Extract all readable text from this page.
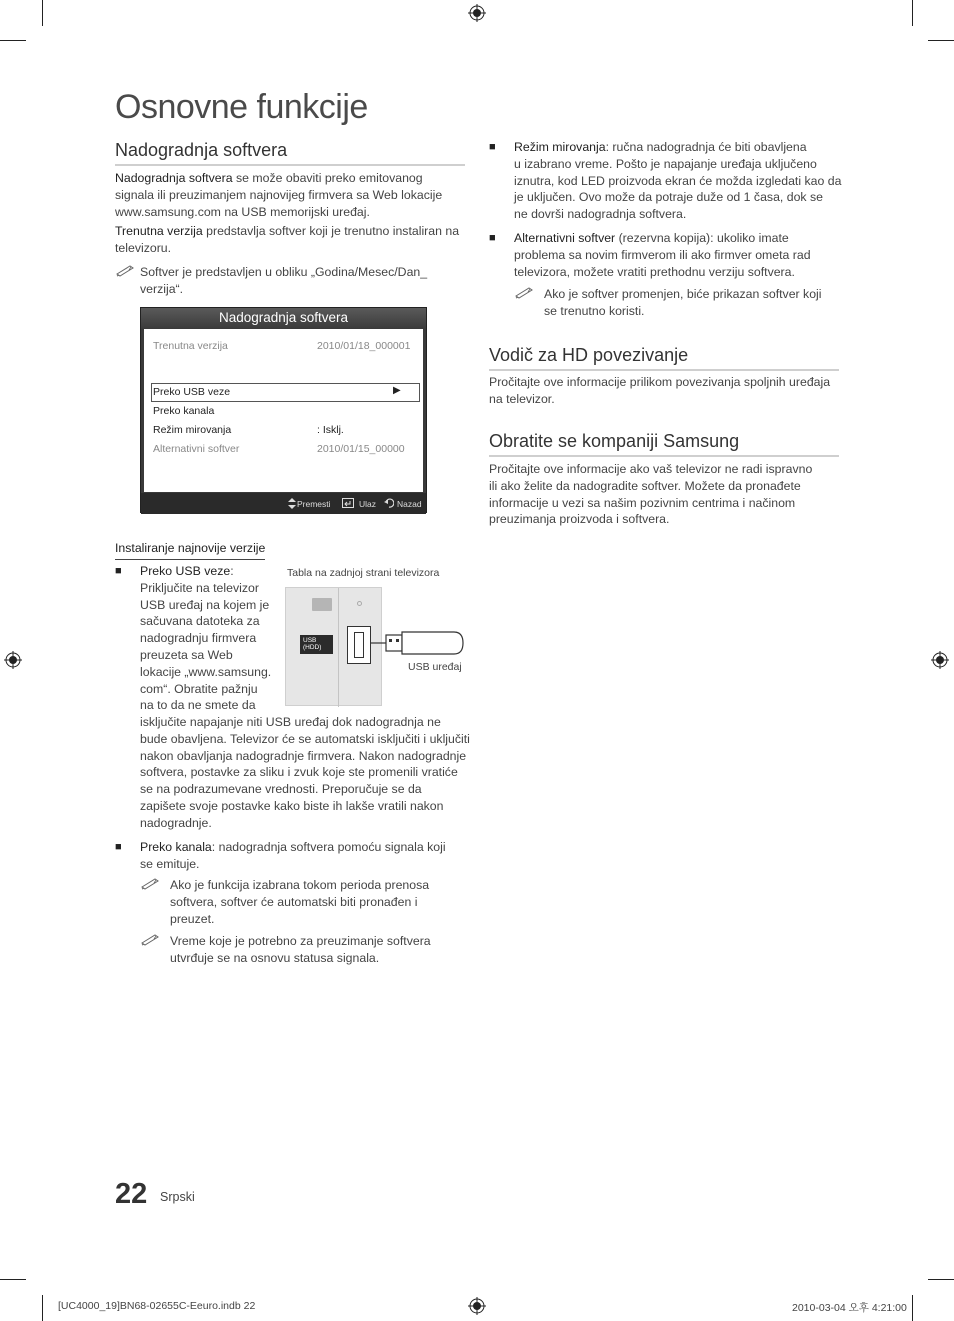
Osnovne funkcije
Nadogradnja softvera
Nadogradnja softvera se može obaviti preko emitovanog
signala ili preuzimanjem najnovijeg firmvera sa Web lokacije
www.samsung.com na USB memorijski uređaj.
Trenutna verzija predstavlja softver koji je trenutno instaliran na
televizoru.
Softver je predstavljen u obliku „Godina/Mesec/Dan_
verzija“.
Nadogradnja softvera
Trenutna verzija	2010/01/18_000001
Preko USB veze	▶
Preko kanala
Režim mirovanja	: Isklj.
Alternativni softver	2010/01/15_00000
Premesti	Ulaz Nazad
Instaliranje najnovije verzije
■ Preko USB veze:
Priključite na televizor
USB uređaj na kojem je
sačuvana datoteka za
nadogradnju firmvera
preuzeta sa Web
lokacije „www.samsung.
com“. Obratite pažnju
na to da ne smete da
isključite napajanje niti USB uređaj dok nadogradnja ne
bude obavljena. Televizor će se automatski isključiti i uključiti
nakon obavljanja nadogradnje firmvera. Nakon nadogradnje
softvera, postavke za sliku i zvuk koje ste promenili vratiće
se na podrazumevane vrednosti. Preporučuje se da
zapišete svoje postavke kako biste ih lakše vratili nakon
nadogradnje.
Tabla na zadnjoj strani televizora
USB
(HDD)
USB uređaj
■ Preko kanala: nadogradnja softvera pomoću signala koji
se emituje.
Ako je funkcija izabrana tokom perioda prenosa
softvera, softver će automatski biti pronađen i
preuzet.
Vreme koje je potrebno za preuzimanje softvera
utvrđuje se na osnovu statusa signala.
■ Režim mirovanja: ručna nadogradnja će biti obavljena
u izabrano vreme. Pošto je napajanje uređaja uključeno
iznutra, kod LED proizvoda ekran će možda izgledati kao da
je uključen. Ovo može da potraje duže od 1 časa, dok se
ne dovrši nadogradnja softvera.
■ Alternativni softver (rezervna kopija): ukoliko imate
problema sa novim firmverom ili ako firmver ometa rad
televizora, možete vratiti prethodnu verziju softvera.
Ako je softver promenjen, biće prikazan softver koji
se trenutno koristi.
Vodič za HD povezivanje
Pročitajte ove informacije prilikom povezivanja spoljnih uređaja
na televizor.
Obratite se kompaniji Samsung
Pročitajte ove informacije ako vaš televizor ne radi ispravno
ili ako želite da nadogradite softver. Možete da pronađete
informacije u vezi sa našim pozivnim centrima i načinom
preuzimanja proizvoda i softvera.
22 Srpski
[UC4000_19]BN68-02655C-Eeuro.indb 22	2010-03-04 오후 4:21:00
